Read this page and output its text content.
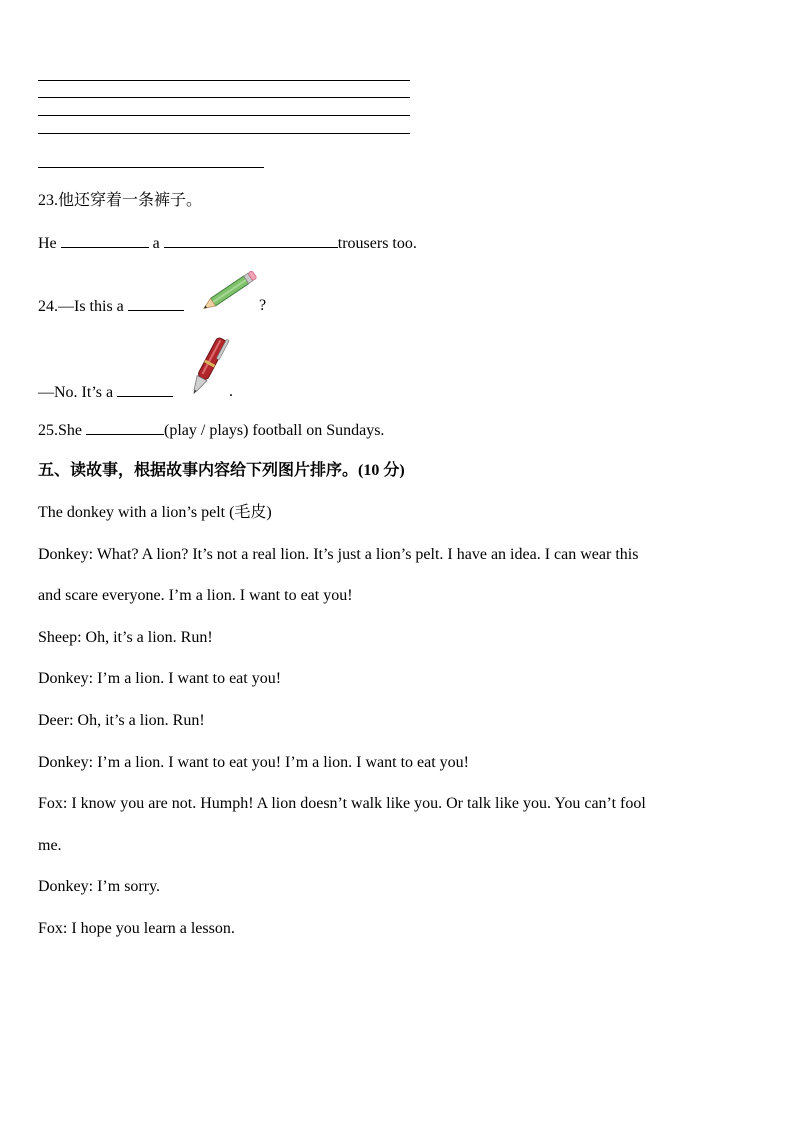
23.他还穿着一条裤子。
He	a	trousers too.
24.—Is this a	?
—No. It’s a	.
25.She	(play / plays) football on Sundays.
五、读故事，根据故事内容给下列图片排序。(10 分)
The donkey with a lion’s pelt (毛皮)
Donkey: What? A lion? It’s not a real lion. It’s just a lion’s pelt. I have an idea. I can wear this
and scare everyone. I’m a lion. I want to eat you!
Sheep: Oh, it’s a lion. Run!
Donkey: I’m a lion. I want to eat you!
Deer: Oh, it’s a lion. Run!
Donkey: I’m a lion. I want to eat you! I’m a lion. I want to eat you!
Fox: I know you are not. Humph! A lion doesn’t walk like you. Or talk like you. You can’t fool
me.
Donkey: I’m sorry.
Fox: I hope you learn a lesson.
